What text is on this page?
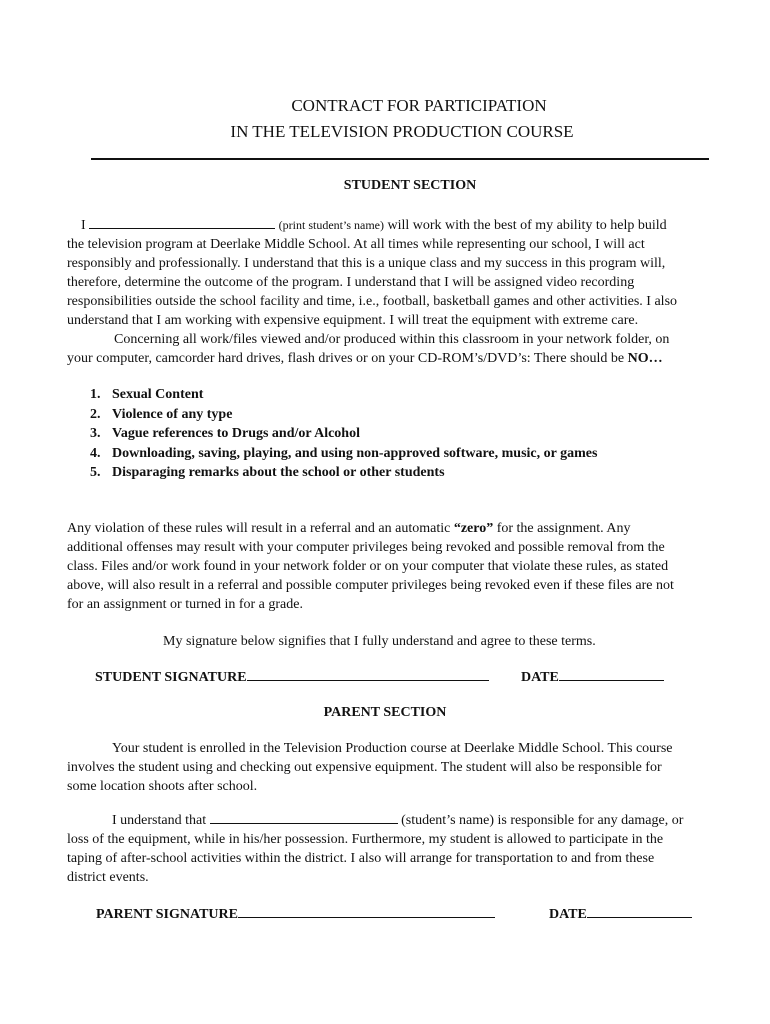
CONTRACT FOR PARTICIPATION
IN THE TELEVISION PRODUCTION COURSE
STUDENT SECTION
I	(print student’s name) will work with the best of my ability to help build
the television program at Deerlake Middle School. At all times while representing our school, I will act
responsibly and professionally. I understand that this is a unique class and my success in this program will,
therefore, determine the outcome of the program. I understand that I will be assigned video recording
responsibilities outside the school facility and time, i.e., football, basketball games and other activities. I also
understand that I am working with expensive equipment. I will treat the equipment with extreme care.
Concerning all work/files viewed and/or produced within this classroom in your network folder, on
your computer, camcorder hard drives, flash drives or on your CD-ROM’s/DVD’s: There should be NO…
1. Sexual Content
2. Violence of any type
3. Vague references to Drugs and/or Alcohol
4. Downloading, saving, playing, and using non-approved software, music, or games
5. Disparaging remarks about the school or other students
Any violation of these rules will result in a referral and an automatic “zero” for the assignment. Any
additional offenses may result with your computer privileges being revoked and possible removal from the
class. Files and/or work found in your network folder or on your computer that violate these rules, as stated
above, will also result in a referral and possible computer privileges being revoked even if these files are not
for an assignment or turned in for a grade.
My signature below signifies that I fully understand and agree to these terms.
STUDENT SIGNATURE	DATE
PARENT SECTION
Your student is enrolled in the Television Production course at Deerlake Middle School. This course
involves the student using and checking out expensive equipment. The student will also be responsible for
some location shoots after school.
I understand that	(student’s name) is responsible for any damage, or
loss of the equipment, while in his/her possession. Furthermore, my student is allowed to participate in the
taping of after-school activities within the district. I also will arrange for transportation to and from these
district events.
PARENT SIGNATURE	DATE
